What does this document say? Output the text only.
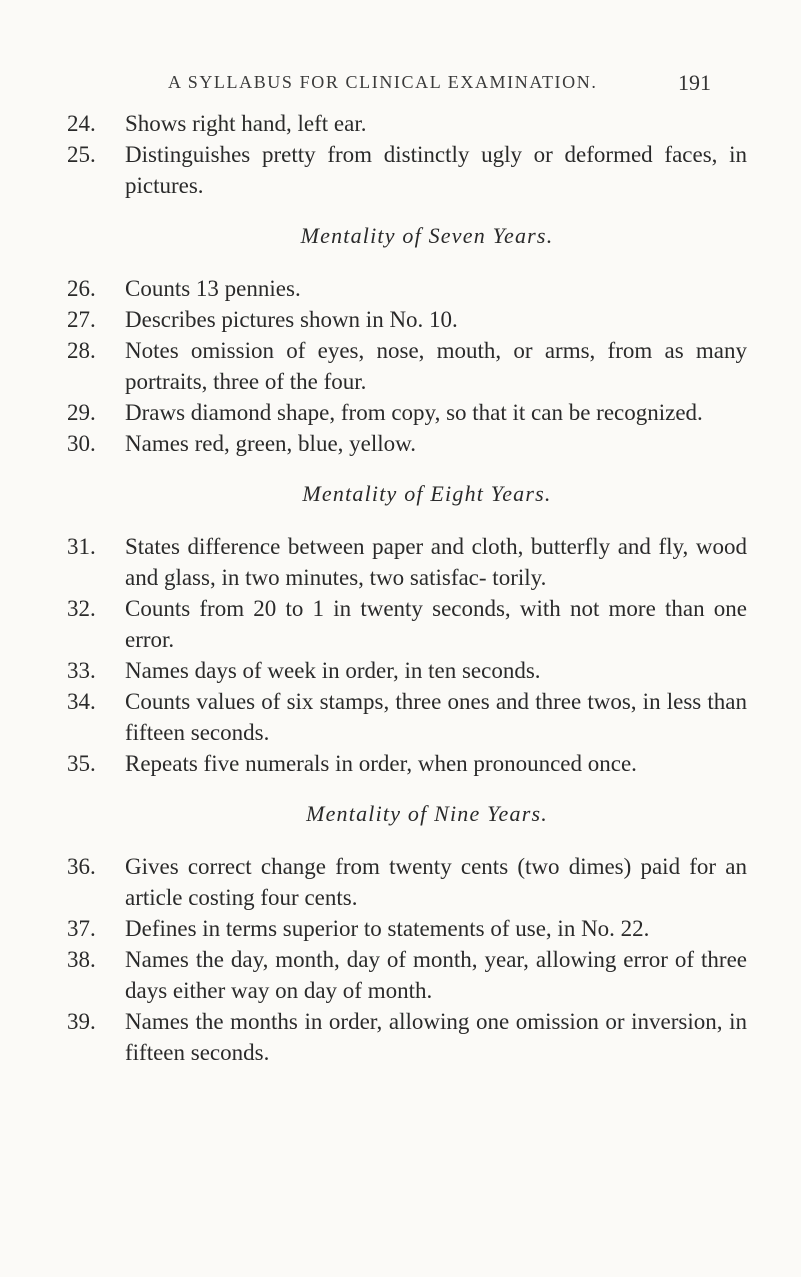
A SYLLABUS FOR CLINICAL EXAMINATION.	191
24.	Shows right hand, left ear.
25.	Distinguishes pretty from distinctly ugly or deformed faces, in pictures.
Mentality of Seven Years.
26.	Counts 13 pennies.
27.	Describes pictures shown in No. 10.
28.	Notes omission of eyes, nose, mouth, or arms, from as many portraits, three of the four.
29.	Draws diamond shape, from copy, so that it can be recognized.
30.	Names red, green, blue, yellow.
Mentality of Eight Years.
31.	States difference between paper and cloth, butterfly and fly, wood and glass, in two minutes, two satisfac- torily.
32.	Counts from 20 to 1 in twenty seconds, with not more than one error.
33.	Names days of week in order, in ten seconds.
34.	Counts values of six stamps, three ones and three twos, in less than fifteen seconds.
35.	Repeats five numerals in order, when pronounced once.
Mentality of Nine Years.
36.	Gives correct change from twenty cents (two dimes) paid for an article costing four cents.
37.	Defines in terms superior to statements of use, in No. 22.
38.	Names the day, month, day of month, year, allowing error of three days either way on day of month.
39.	Names the months in order, allowing one omission or inversion, in fifteen seconds.
